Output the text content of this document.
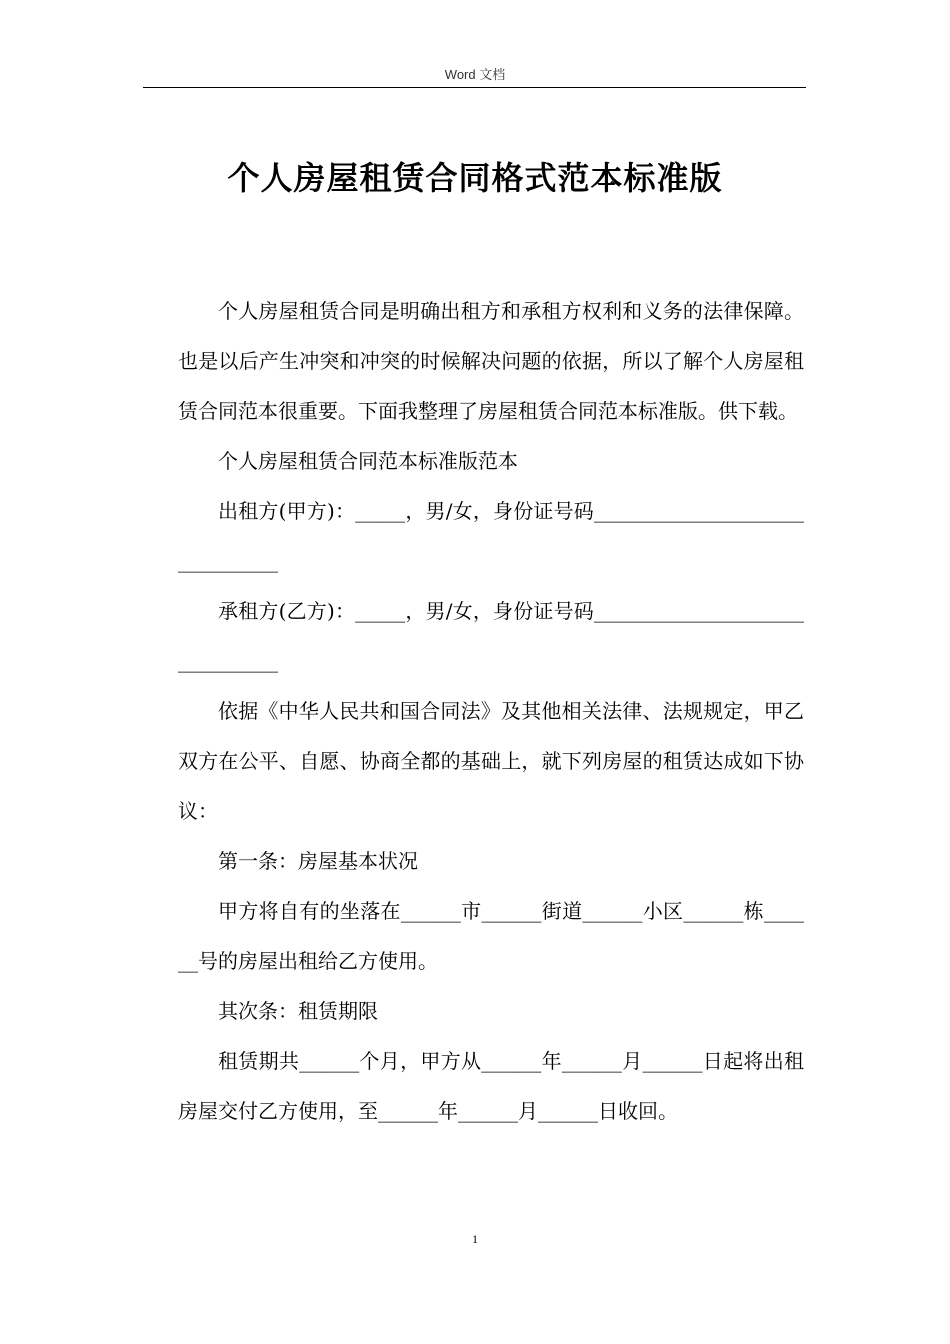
Word 文档
个人房屋租赁合同格式范本标准版

个人房屋租赁合同是明确出租方和承租方权利和义务的法律保障。也是以后产生冲突和冲突的时候解决问题的依据，所以了解个人房屋租赁合同范本很重要。下面我整理了房屋租赁合同范本标准版。供下载。

个人房屋租赁合同范本标准版范本

出租方(甲方)：_____，男/女，身份证号码_______________________________

承租方(乙方)：_____，男/女，身份证号码_______________________________

依据《中华人民共和国合同法》及其他相关法律、法规规定，甲乙双方在公平、自愿、协商全都的基础上，就下列房屋的租赁达成如下协议：

第一条：房屋基本状况

甲方将自有的坐落在______市______街道______小区______栋______号的房屋出租给乙方使用。

其次条：租赁期限

租赁期共______个月，甲方从______年______月______日起将出租房屋交付乙方使用，至______年______月______日收回。

1
